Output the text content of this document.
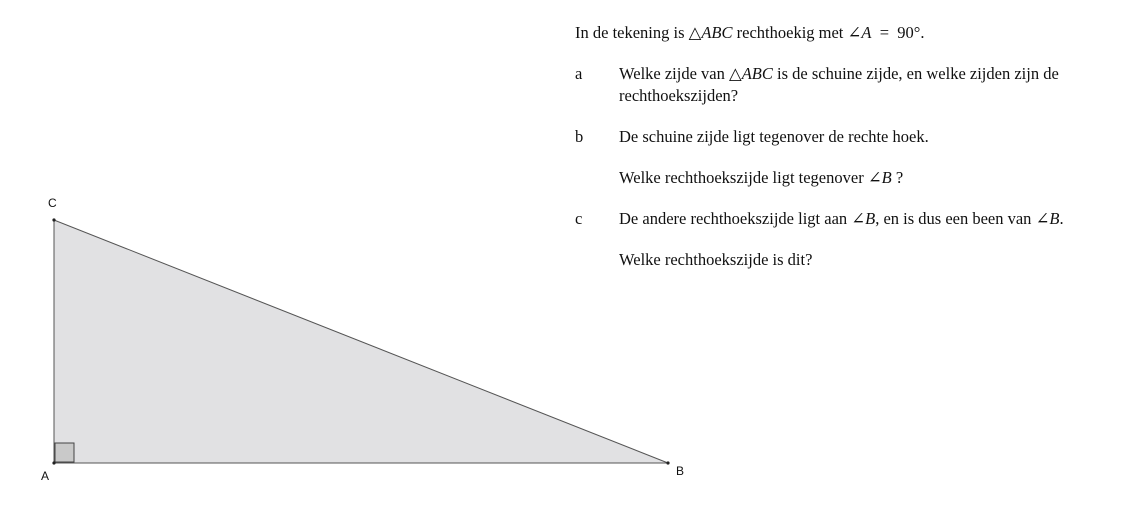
A	B
C

In de tekening is △ABC rechthoekig met ∠A = 90°.

a	Welke zijde van △ABC is de schuine zijde, en welke zijden zijn de rechthoekszijden?

b	De schuine zijde ligt tegenover de rechte hoek.

Welke rechthoekszijde ligt tegenover ∠B ?

c	De andere rechthoekszijde ligt aan ∠B, en is dus een been van ∠B.

Welke rechthoekszijde is dit?
